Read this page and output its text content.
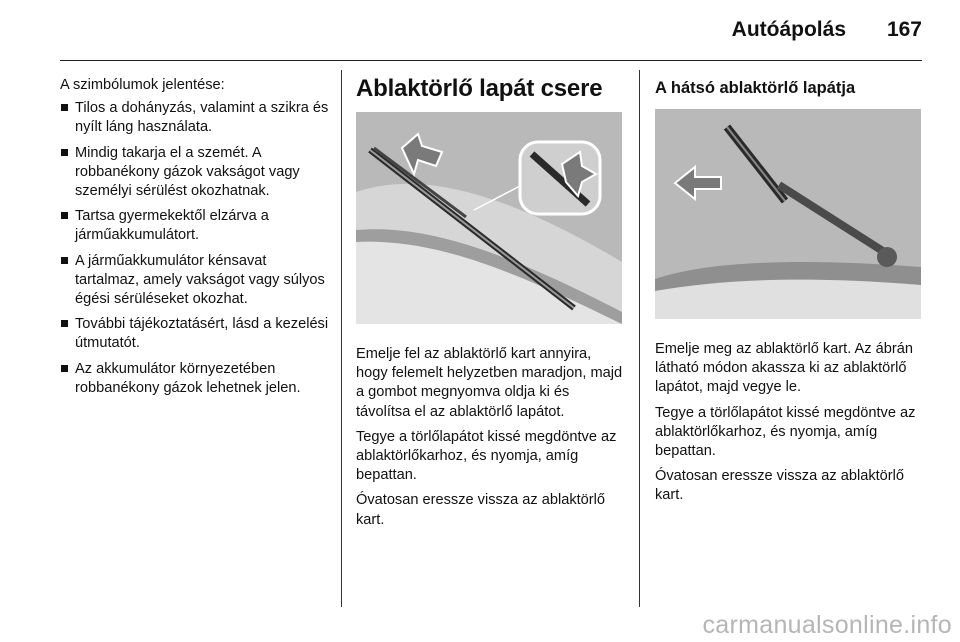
Autóápolás 167

A szimbólumok jelentése:

Tilos a dohányzás, valamint a szikra és nyílt láng használata.
Mindig takarja el a szemét. A robbanékony gázok vakságot vagy személyi sérülést okozhatnak.
Tartsa gyermekektől elzárva a járműakkumulátort.
A járműakkumulátor kénsavat tartalmaz, amely vakságot vagy súlyos égési sérüléseket okozhat.
További tájékoztatásért, lásd a kezelési útmutatót.
Az akkumulátor környezetében robbanékony gázok lehetnek jelen.
Ablaktörlő lapát csere

Emelje fel az ablaktörlő kart annyira, hogy felemelt helyzetben maradjon, majd a gombot megnyomva oldja ki és távolítsa el az ablaktörlő lapátot.

Tegye a törlőlapátot kissé megdöntve az ablaktörlőkarhoz, és nyomja, amíg bepattan.

Óvatosan eressze vissza az ablaktörlő kart.

A hátsó ablaktörlő lapátja

Emelje meg az ablaktörlő kart. Az ábrán látható módon akassza ki az ablaktörlő lapátot, majd vegye le.

Tegye a törlőlapátot kissé megdöntve az ablaktörlőkarhoz, és nyomja, amíg bepattan.

Óvatosan eressze vissza az ablaktörlő kart.

carmanualsonline.info
